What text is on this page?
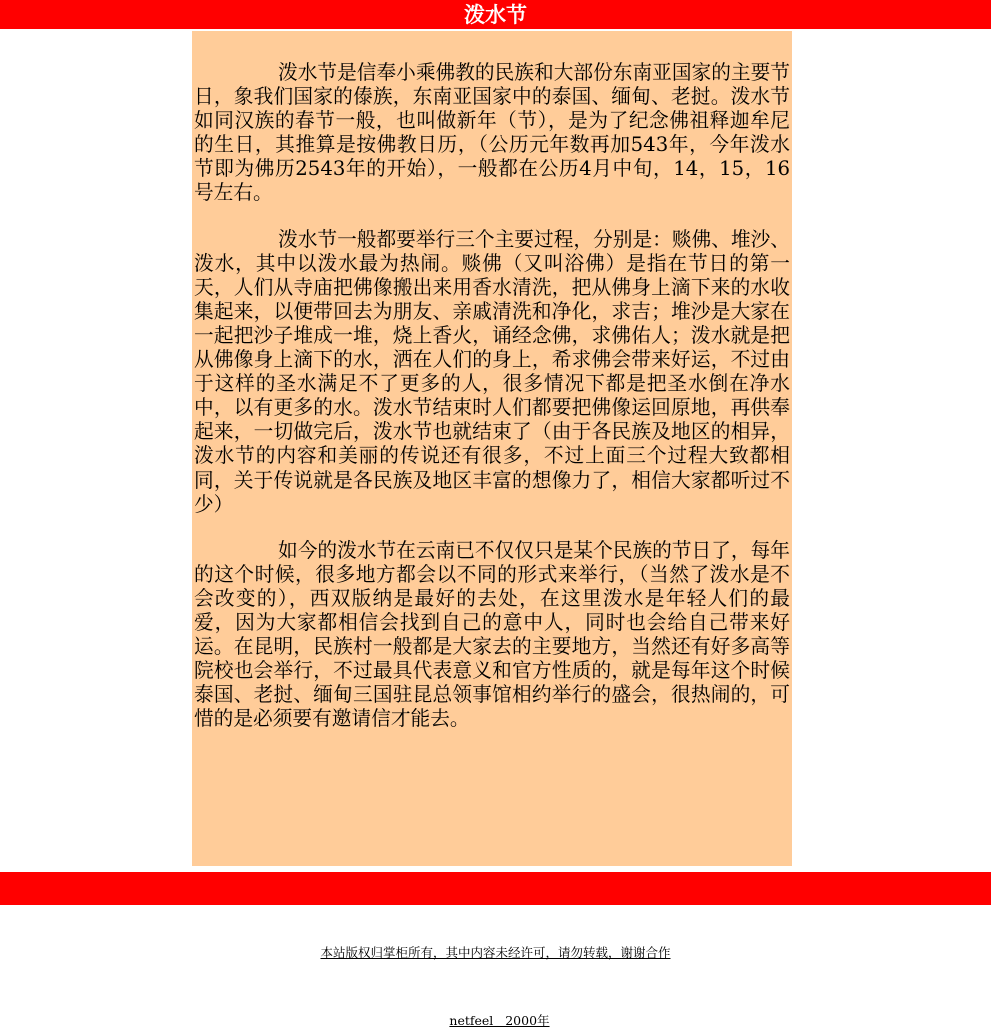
泼水节

泼水节是信奉小乘佛教的民族和大部份东南亚国家的主要节日，象我们国家的傣族，东南亚国家中的泰国、缅甸、老挝。泼水节如同汉族的春节一般，也叫做新年（节），是为了纪念佛祖释迦牟尼的生日，其推算是按佛教日历，（公历元年数再加543年，今年泼水节即为佛历2543年的开始），一般都在公历4月中旬，14，15，16号左右。

泼水节一般都要举行三个主要过程，分别是：赕佛、堆沙、泼水，其中以泼水最为热闹。赕佛（又叫浴佛）是指在节日的第一天，人们从寺庙把佛像搬出来用香水清洗，把从佛身上滴下来的水收集起来，以便带回去为朋友、亲戚清洗和净化，求吉；堆沙是大家在一起把沙子堆成一堆，烧上香火，诵经念佛，求佛佑人；泼水就是把从佛像身上滴下的水，洒在人们的身上，希求佛会带来好运，不过由于这样的圣水满足不了更多的人，很多情况下都是把圣水倒在净水中，以有更多的水。泼水节结束时人们都要把佛像运回原地，再供奉起来，一切做完后，泼水节也就结束了（由于各民族及地区的相异，泼水节的内容和美丽的传说还有很多，不过上面三个过程大致都相同，关于传说就是各民族及地区丰富的想像力了，相信大家都听过不少）

如今的泼水节在云南已不仅仅只是某个民族的节日了，每年的这个时候，很多地方都会以不同的形式来举行，（当然了泼水是不会改变的），西双版纳是最好的去处，在这里泼水是年轻人们的最爱，因为大家都相信会找到自己的意中人，同时也会给自己带来好运。在昆明，民族村一般都是大家去的主要地方，当然还有好多高等院校也会举行，不过最具代表意义和官方性质的，就是每年这个时候泰国、老挝、缅甸三国驻昆总领事馆相约举行的盛会，很热闹的，可惜的是必须要有邀请信才能去。

本站版权归掌柜所有，其中内容未经许可，请勿转载，谢谢合作

netfeel   2000年
